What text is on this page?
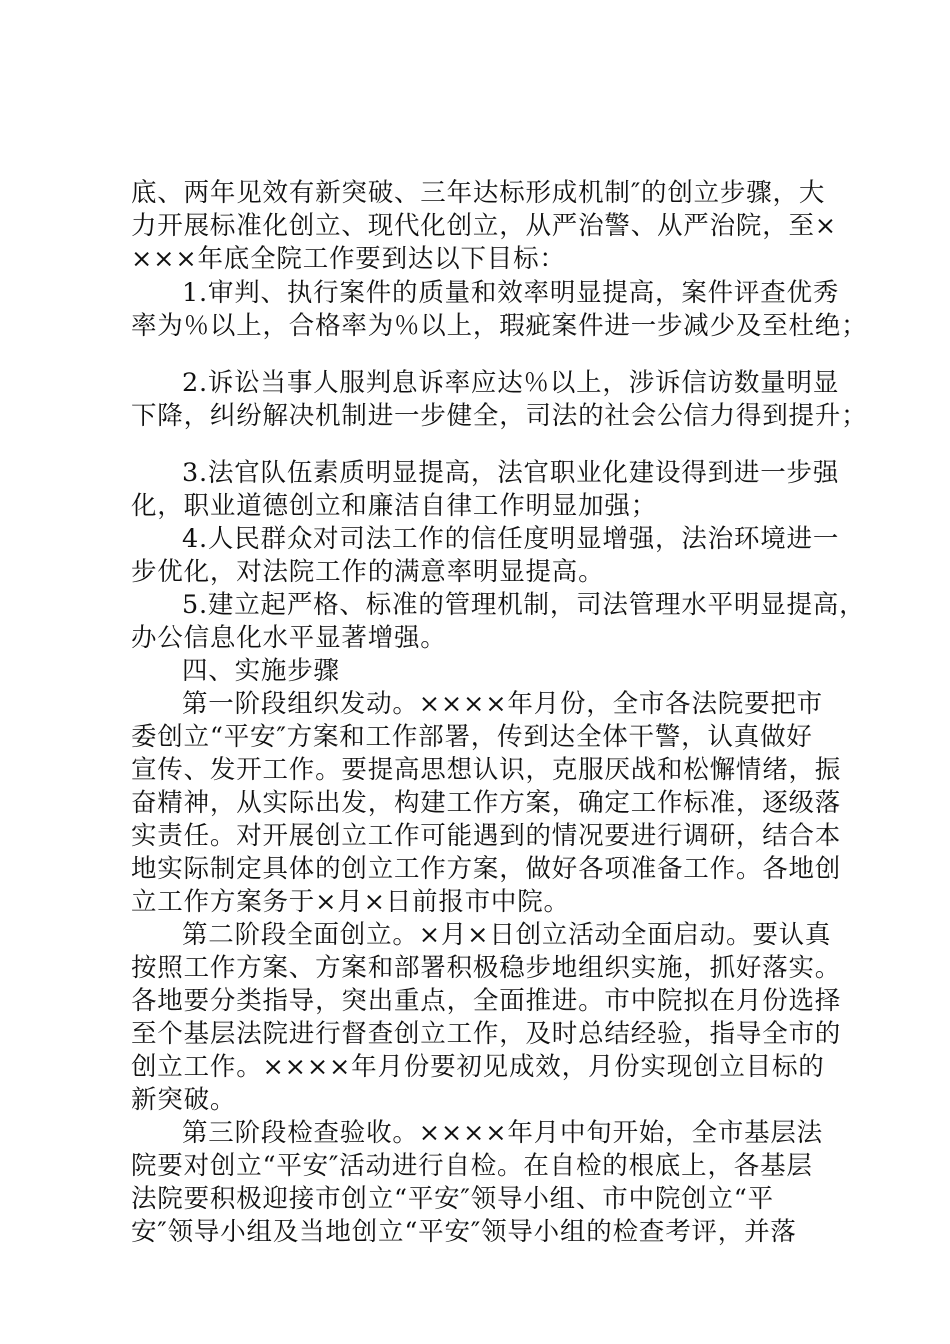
底、两年见效有新突破、三年达标形成机制″的创立步骤，大
力开展标准化创立、现代化创立，从严治警、从严治院，至×
×××年底全院工作要到达以下目标：
1.审判、执行案件的质量和效率明显提高，案件评查优秀
率为％以上，合格率为％以上，瑕疵案件进一步减少及至杜绝；
2.诉讼当事人服判息诉率应达％以上，涉诉信访数量明显
下降，纠纷解决机制进一步健全，司法的社会公信力得到提升；
3.法官队伍素质明显提高，法官职业化建设得到进一步强
化，职业道德创立和廉洁自律工作明显加强；
4.人民群众对司法工作的信任度明显增强，法治环境进一
步优化，对法院工作的满意率明显提高。
5.建立起严格、标准的管理机制，司法管理水平明显提高，
办公信息化水平显著增强。
四、实施步骤
第一阶段组织发动。××××年月份，全市各法院要把市
委创立“平安″方案和工作部署，传到达全体干警，认真做好
宣传、发开工作。要提高思想认识，克服厌战和松懈情绪，振
奋精神，从实际出发，构建工作方案，确定工作标准，逐级落
实责任。对开展创立工作可能遇到的情况要进行调研，结合本
地实际制定具体的创立工作方案，做好各项准备工作。各地创
立工作方案务于×月×日前报市中院。
第二阶段全面创立。×月×日创立活动全面启动。要认真
按照工作方案、方案和部署积极稳步地组织实施，抓好落实。
各地要分类指导，突出重点，全面推进。市中院拟在月份选择
至个基层法院进行督查创立工作，及时总结经验，指导全市的
创立工作。××××年月份要初见成效，月份实现创立目标的
新突破。
第三阶段检查验收。××××年月中旬开始，全市基层法
院要对创立“平安″活动进行自检。在自检的根底上，各基层
法院要积极迎接市创立“平安″领导小组、市中院创立“平
安″领导小组及当地创立“平安″领导小组的检查考评，并落
